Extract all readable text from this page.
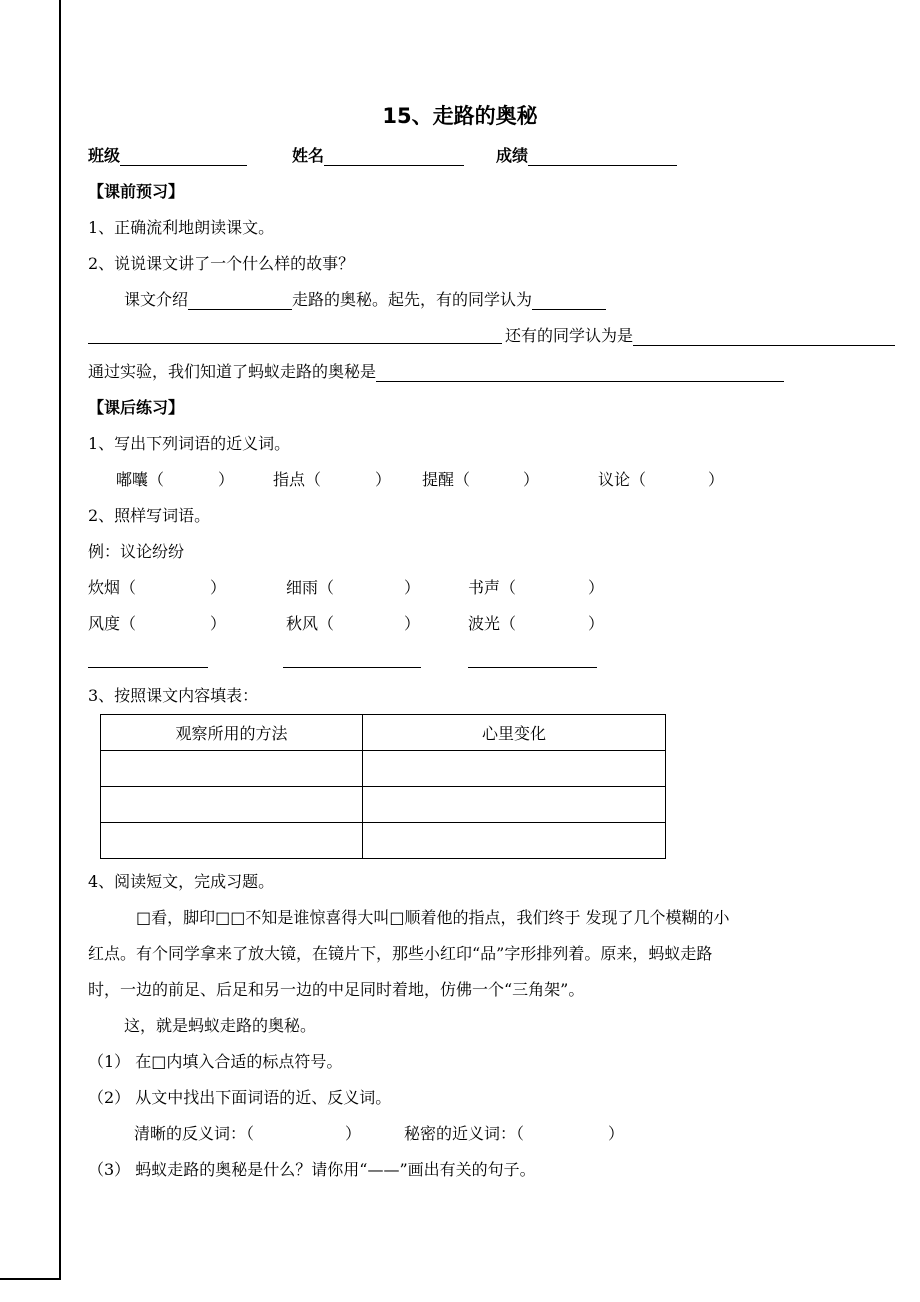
15、走路的奥秘
班级	姓名	成绩
【课前预习】
1、正确流利地朗读课文。
2、说说课文讲了一个什么样的故事？
课文介绍	走路的奥秘。起先，有的同学认为
还有的同学认为是
通过实验，我们知道了蚂蚁走路的奥秘是
【课后练习】
1、写出下列词语的近义词。
嘟囔（	） 指点（	） 提醒（	）	议论（	）
2、照样写词语。
例：议论纷纷
炊烟（	）	细雨（	）	书声（	）
风度（	）	秋风（	）	波光（	）
3、按照课文内容填表：
观察所用的方法	心里变化

4、阅读短文，完成习题。
□看，脚印□□不知是谁惊喜得大叫□顺着他的指点，我们终于 发现了几个模糊的小
红点。有个同学拿来了放大镜，在镜片下，那些小红印“品”字形排列着。原来，蚂蚁走路
时，一边的前足、后足和另一边的中足同时着地，仿佛一个“三角架”。
这，就是蚂蚁走路的奥秘。
（1） 在□内填入合适的标点符号。
（2） 从文中找出下面词语的近、反义词。
清晰的反义词：（	）	秘密的近义词：（	）
（3） 蚂蚁走路的奥秘是什么？请你用“——”画出有关的句子。
